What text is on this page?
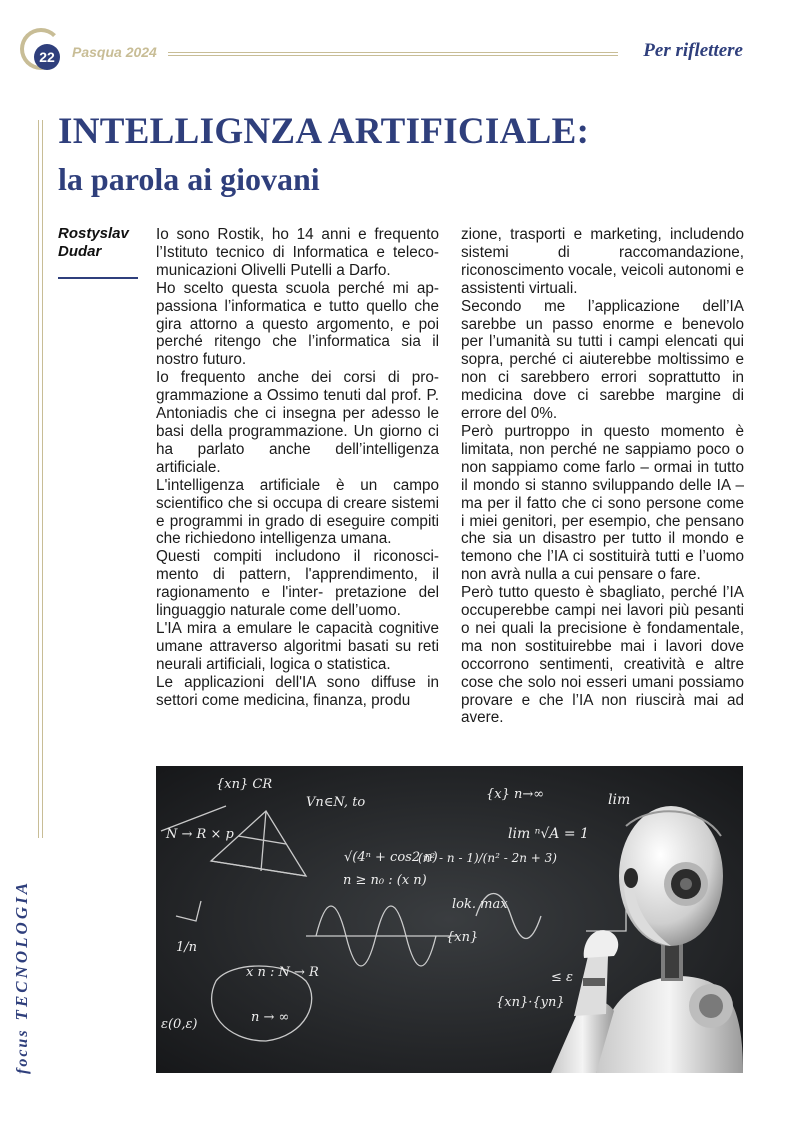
22	Pasqua 2024	Per riflettere
focusTECNOLOGIA
INTELLIGNZA ARTIFICIALE:
la parola ai giovani
Rostyslav Dudar

Io sono Rostik, ho 14 anni e frequento l’Istituto tecnico di Informatica e telecomunicazioni Olivelli Putelli a Darfo.

Ho scelto questa scuola perché mi appassiona l’informatica e tutto quello che gira attorno a questo argomento, e poi perché ritengo che l’informatica sia il nostro futuro.

Io frequento anche dei corsi di programmazione a Ossimo tenuti dal prof. P. Antoniadis che ci insegna per adesso le basi della programmazione. Un giorno ci ha parlato anche dell’intelligenza artificiale.

L'intelligenza artificiale è un campo scientifico che si occupa di creare sistemi e programmi in grado di eseguire compiti che richiedono intelligenza umana.

Questi compiti includono il riconoscimento di pattern, l'apprendimento, il ragionamento e l'inter- pretazione del linguaggio naturale come dell’uomo.

L'IA mira a emulare le capacità cognitive umane attraverso algoritmi basati su reti neurali artificiali, logica o statistica.

Le applicazioni dell'IA sono diffuse in settori come medicina, finanza, produ

zione, trasporti e marketing, includendo sistemi di raccomandazione, riconoscimento vocale, veicoli autonomi e assistenti virtuali.

Secondo me l’applicazione dell’IA sarebbe un passo enorme e benevolo per l’umanità su tutti i campi elencati qui sopra, perché ci aiuterebbe moltissimo e non ci sarebbero errori soprattutto in medicina dove ci sarebbe margine di errore del 0%.

Però purtroppo in questo momento è limitata, non perché ne sappiamo poco o non sappiamo come farlo – ormai in tutto il mondo si stanno sviluppando delle IA – ma per il fatto che ci sono persone come i miei genitori, per esempio, che pensano che sia un disastro per tutto il mondo e temono che l’IA ci sostituirà tutti e l’uomo non avrà nulla a cui pensare o fare.

Però tutto questo è sbagliato, perché l’IA occuperebbe campi nei lavori più pesanti o nei quali la precisione è fondamentale, ma non sostituirebbe mai i lavori dove occorrono sentimenti, creatività e altre cose che solo noi esseri umani possiamo provare e che l’IA non riuscirà mai ad avere.

{xn} CR
Vn∈N, to
lim ⁿ√A = 1
n ≥ n₀ : (x n)
lok. max
{xn}·{yn}
N → R × p
√(4ⁿ + cos2 n)
(n² - n - 1)/(n² - 2n + 3)
x n : N → R
{x} n→∞
{xn}
lim
ε(0,ε)	n → ∞
1/n
≤ ε
